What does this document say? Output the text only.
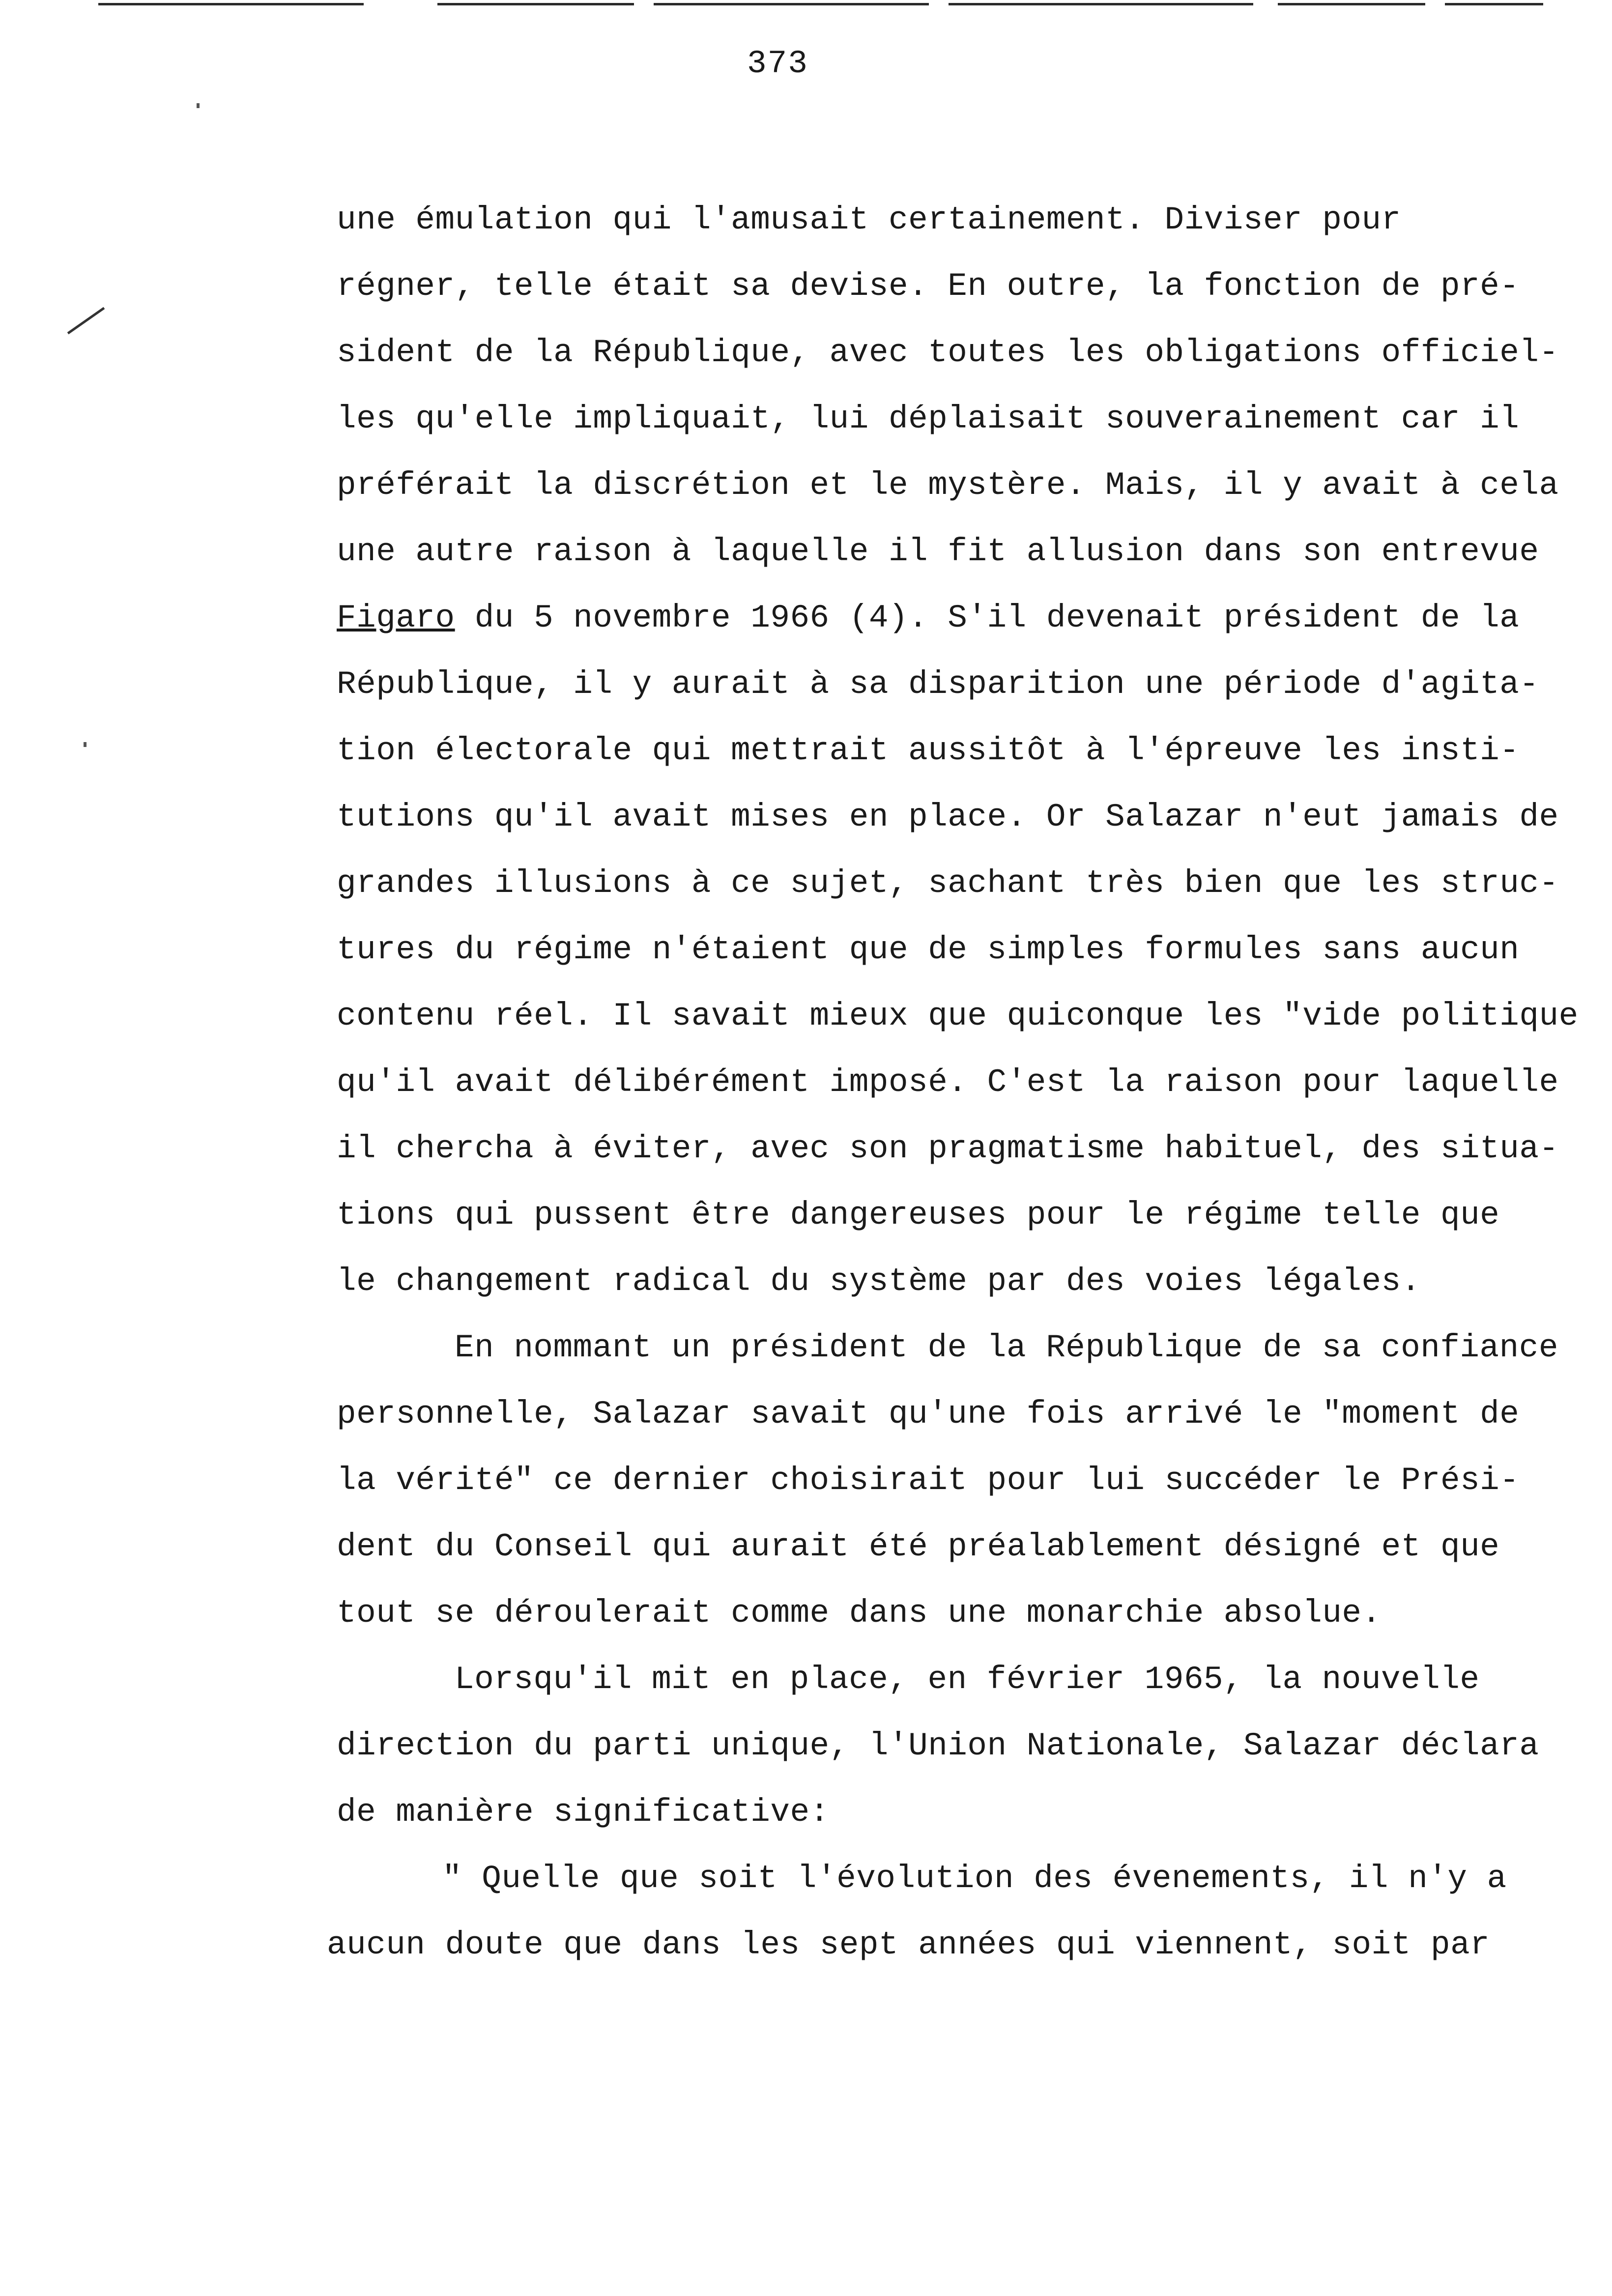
373
une émulation qui l'amusait certainement. Diviser pour
régner, telle était sa devise. En outre, la fonction de pré-
sident de la République, avec toutes les obligations officiel-
les qu'elle impliquait, lui déplaisait souverainement car il
préférait la discrétion et le mystère. Mais, il y avait à cela
une autre raison à laquelle il fit allusion dans son entrevue
Figaro du 5 novembre 1966 (4). S'il devenait président de la
République, il y aurait à sa disparition une période d'agita-
tion électorale qui mettrait aussitôt à l'épreuve les insti-
tutions qu'il avait mises en place. Or Salazar n'eut jamais de
grandes illusions à ce sujet, sachant très bien que les struc-
tures du régime n'étaient que de simples formules sans aucun
contenu réel. Il savait mieux que quiconque les "vide politique
qu'il avait délibérément imposé. C'est la raison pour laquelle
il chercha à éviter, avec son pragmatisme habituel, des situa-
tions qui pussent être dangereuses pour le régime telle que
le changement radical du système par des voies légales.
En nommant un président de la République de sa confiance
personnelle, Salazar savait qu'une fois arrivé le "moment de
la vérité" ce dernier choisirait pour lui succéder le Prési-
dent du Conseil qui aurait été préalablement désigné et que
tout se déroulerait comme dans une monarchie absolue.
Lorsqu'il mit en place, en février 1965, la nouvelle
direction du parti unique, l'Union Nationale, Salazar déclara
de manière significative:
" Quelle que soit l'évolution des évenements, il n'y a
aucun doute que dans les sept années qui viennent, soit par
